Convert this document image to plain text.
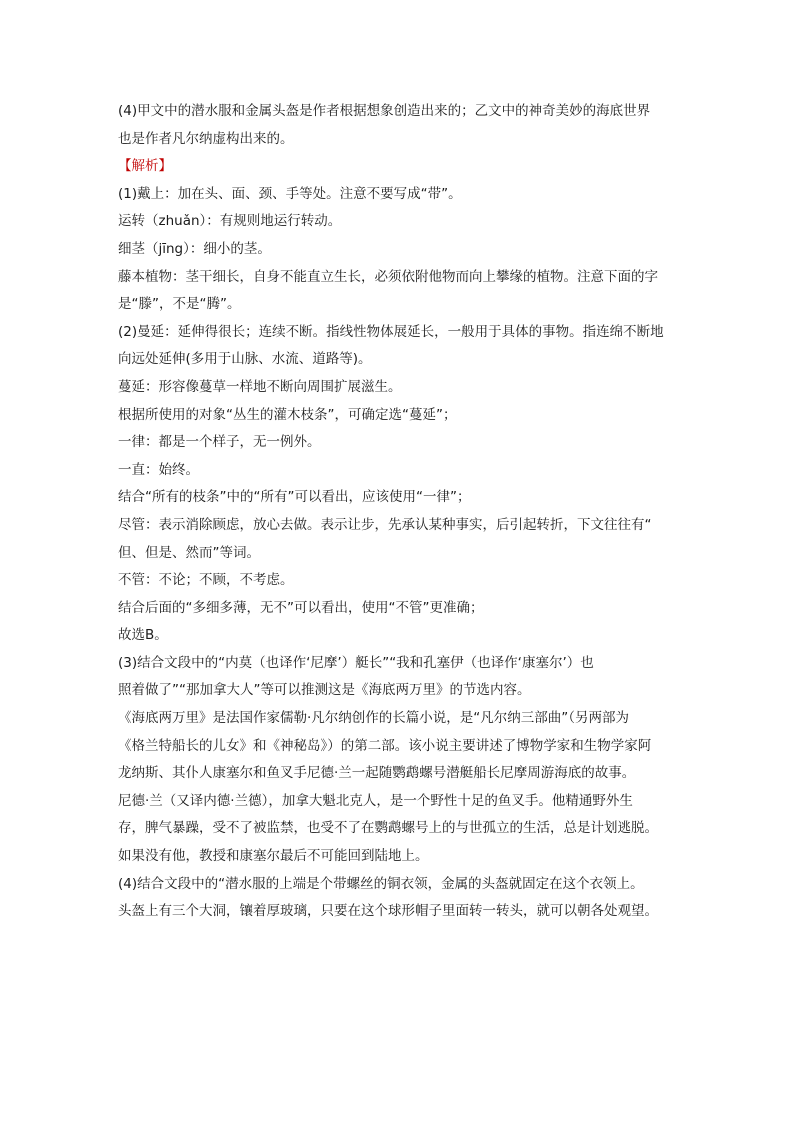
(4)甲文中的潜水服和金属头盔是作者根据想象创造出来的；乙文中的神奇美妙的海底世界
也是作者凡尔纳虚构出来的。
【解析】
(1)戴上：加在头、面、颈、手等处。注意不要写成“带”。
运转（zhuǎn）：有规则地运行转动。
细茎（jīng）：细小的茎。
藤本植物：茎干细长，自身不能直立生长，必须依附他物而向上攀缘的植物。注意下面的字
是“滕”，不是“腾”。
(2)曼延：延伸得很长；连续不断。指线性物体展延长，一般用于具体的事物。指连绵不断地
向远处延伸(多用于山脉、水流、道路等)。
蔓延：形容像蔓草一样地不断向周围扩展滋生。
根据所使用的对象“丛生的灌木枝条”，可确定选“蔓延”；
一律：都是一个样子，无一例外。
一直：始终。
结合“所有的枝条”中的“所有”可以看出，应该使用“一律”；
尽管：表示消除顾虑，放心去做。表示让步，先承认某种事实，后引起转折，下文往往有“
但、但是、然而”等词。
不管：不论；不顾，不考虑。
结合后面的“多细多薄，无不”可以看出，使用“不管”更准确；
故选B。
(3)结合文段中的“内莫（也译作‘尼摩’）艇长”“我和孔塞伊（也译作‘康塞尔’）也
照着做了”“那加拿大人”等可以推测这是《海底两万里》的节选内容。
《海底两万里》是法国作家儒勒·凡尔纳创作的长篇小说，是“凡尔纳三部曲”（另两部为
《格兰特船长的儿女》和《神秘岛》）的第二部。该小说主要讲述了博物学家和生物学家阿
龙纳斯、其仆人康塞尔和鱼叉手尼德·兰一起随鹦鹉螺号潜艇船长尼摩周游海底的故事。
尼德·兰（又译内德·兰德），加拿大魁北克人，是一个野性十足的鱼叉手。他精通野外生
存，脾气暴躁，受不了被监禁，也受不了在鹦鹉螺号上的与世孤立的生活，总是计划逃脱。
如果没有他，教授和康塞尔最后不可能回到陆地上。
(4)结合文段中的“潜水服的上端是个带螺丝的铜衣领，金属的头盔就固定在这个衣领上。
头盔上有三个大洞，镶着厚玻璃，只要在这个球形帽子里面转一转头，就可以朝各处观望。
